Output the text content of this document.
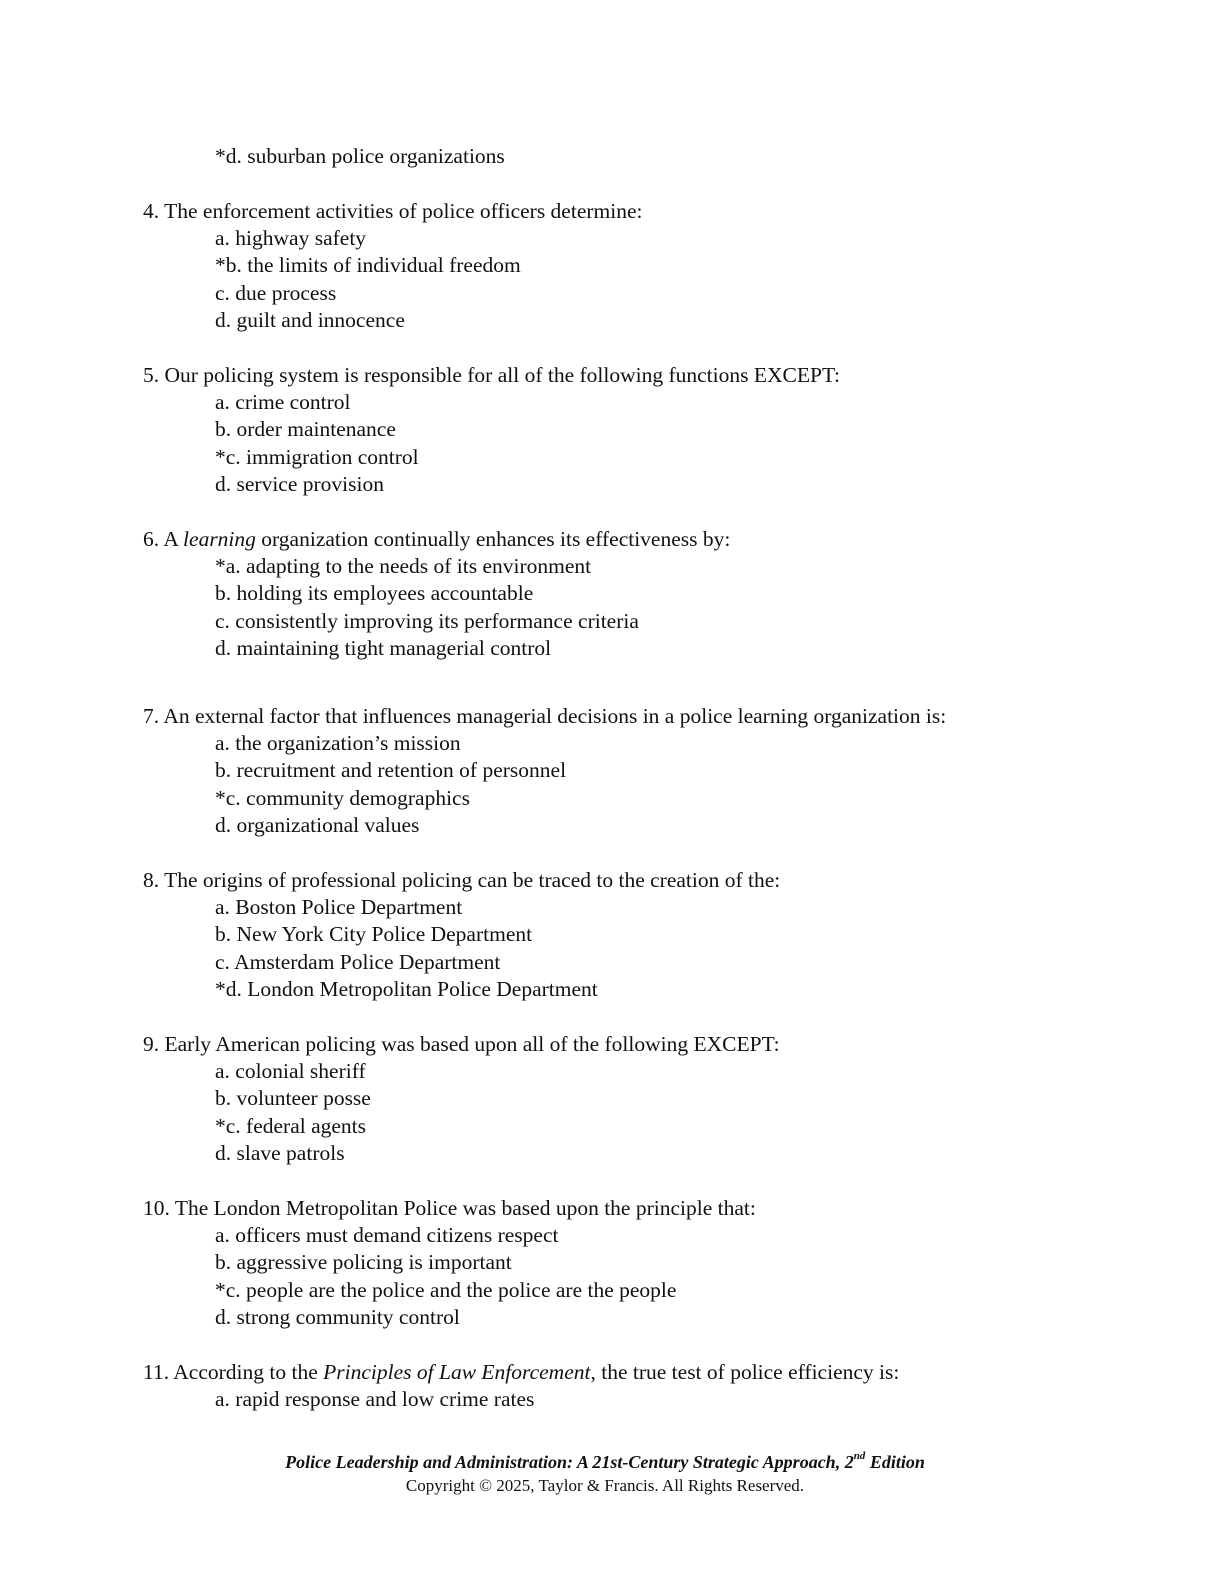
*d. suburban police organizations
4. The enforcement activities of police officers determine:
a. highway safety
*b. the limits of individual freedom
c. due process
d. guilt and innocence
5. Our policing system is responsible for all of the following functions EXCEPT:
a. crime control
b. order maintenance
*c. immigration control
d. service provision
6. A learning organization continually enhances its effectiveness by:
*a. adapting to the needs of its environment
b. holding its employees accountable
c. consistently improving its performance criteria
d. maintaining tight managerial control
7. An external factor that influences managerial decisions in a police learning organization is:
a. the organization’s mission
b. recruitment and retention of personnel
*c. community demographics
d. organizational values
8. The origins of professional policing can be traced to the creation of the:
a. Boston Police Department
b. New York City Police Department
c. Amsterdam Police Department
*d. London Metropolitan Police Department
9. Early American policing was based upon all of the following EXCEPT:
a. colonial sheriff
b. volunteer posse
*c. federal agents
d. slave patrols
10. The London Metropolitan Police was based upon the principle that:
a. officers must demand citizens respect
b. aggressive policing is important
*c. people are the police and the police are the people
d. strong community control
11. According to the Principles of Law Enforcement, the true test of police efficiency is:
a. rapid response and low crime rates
Police Leadership and Administration: A 21st-Century Strategic Approach, 2nd Edition
Copyright © 2025, Taylor & Francis. All Rights Reserved.
